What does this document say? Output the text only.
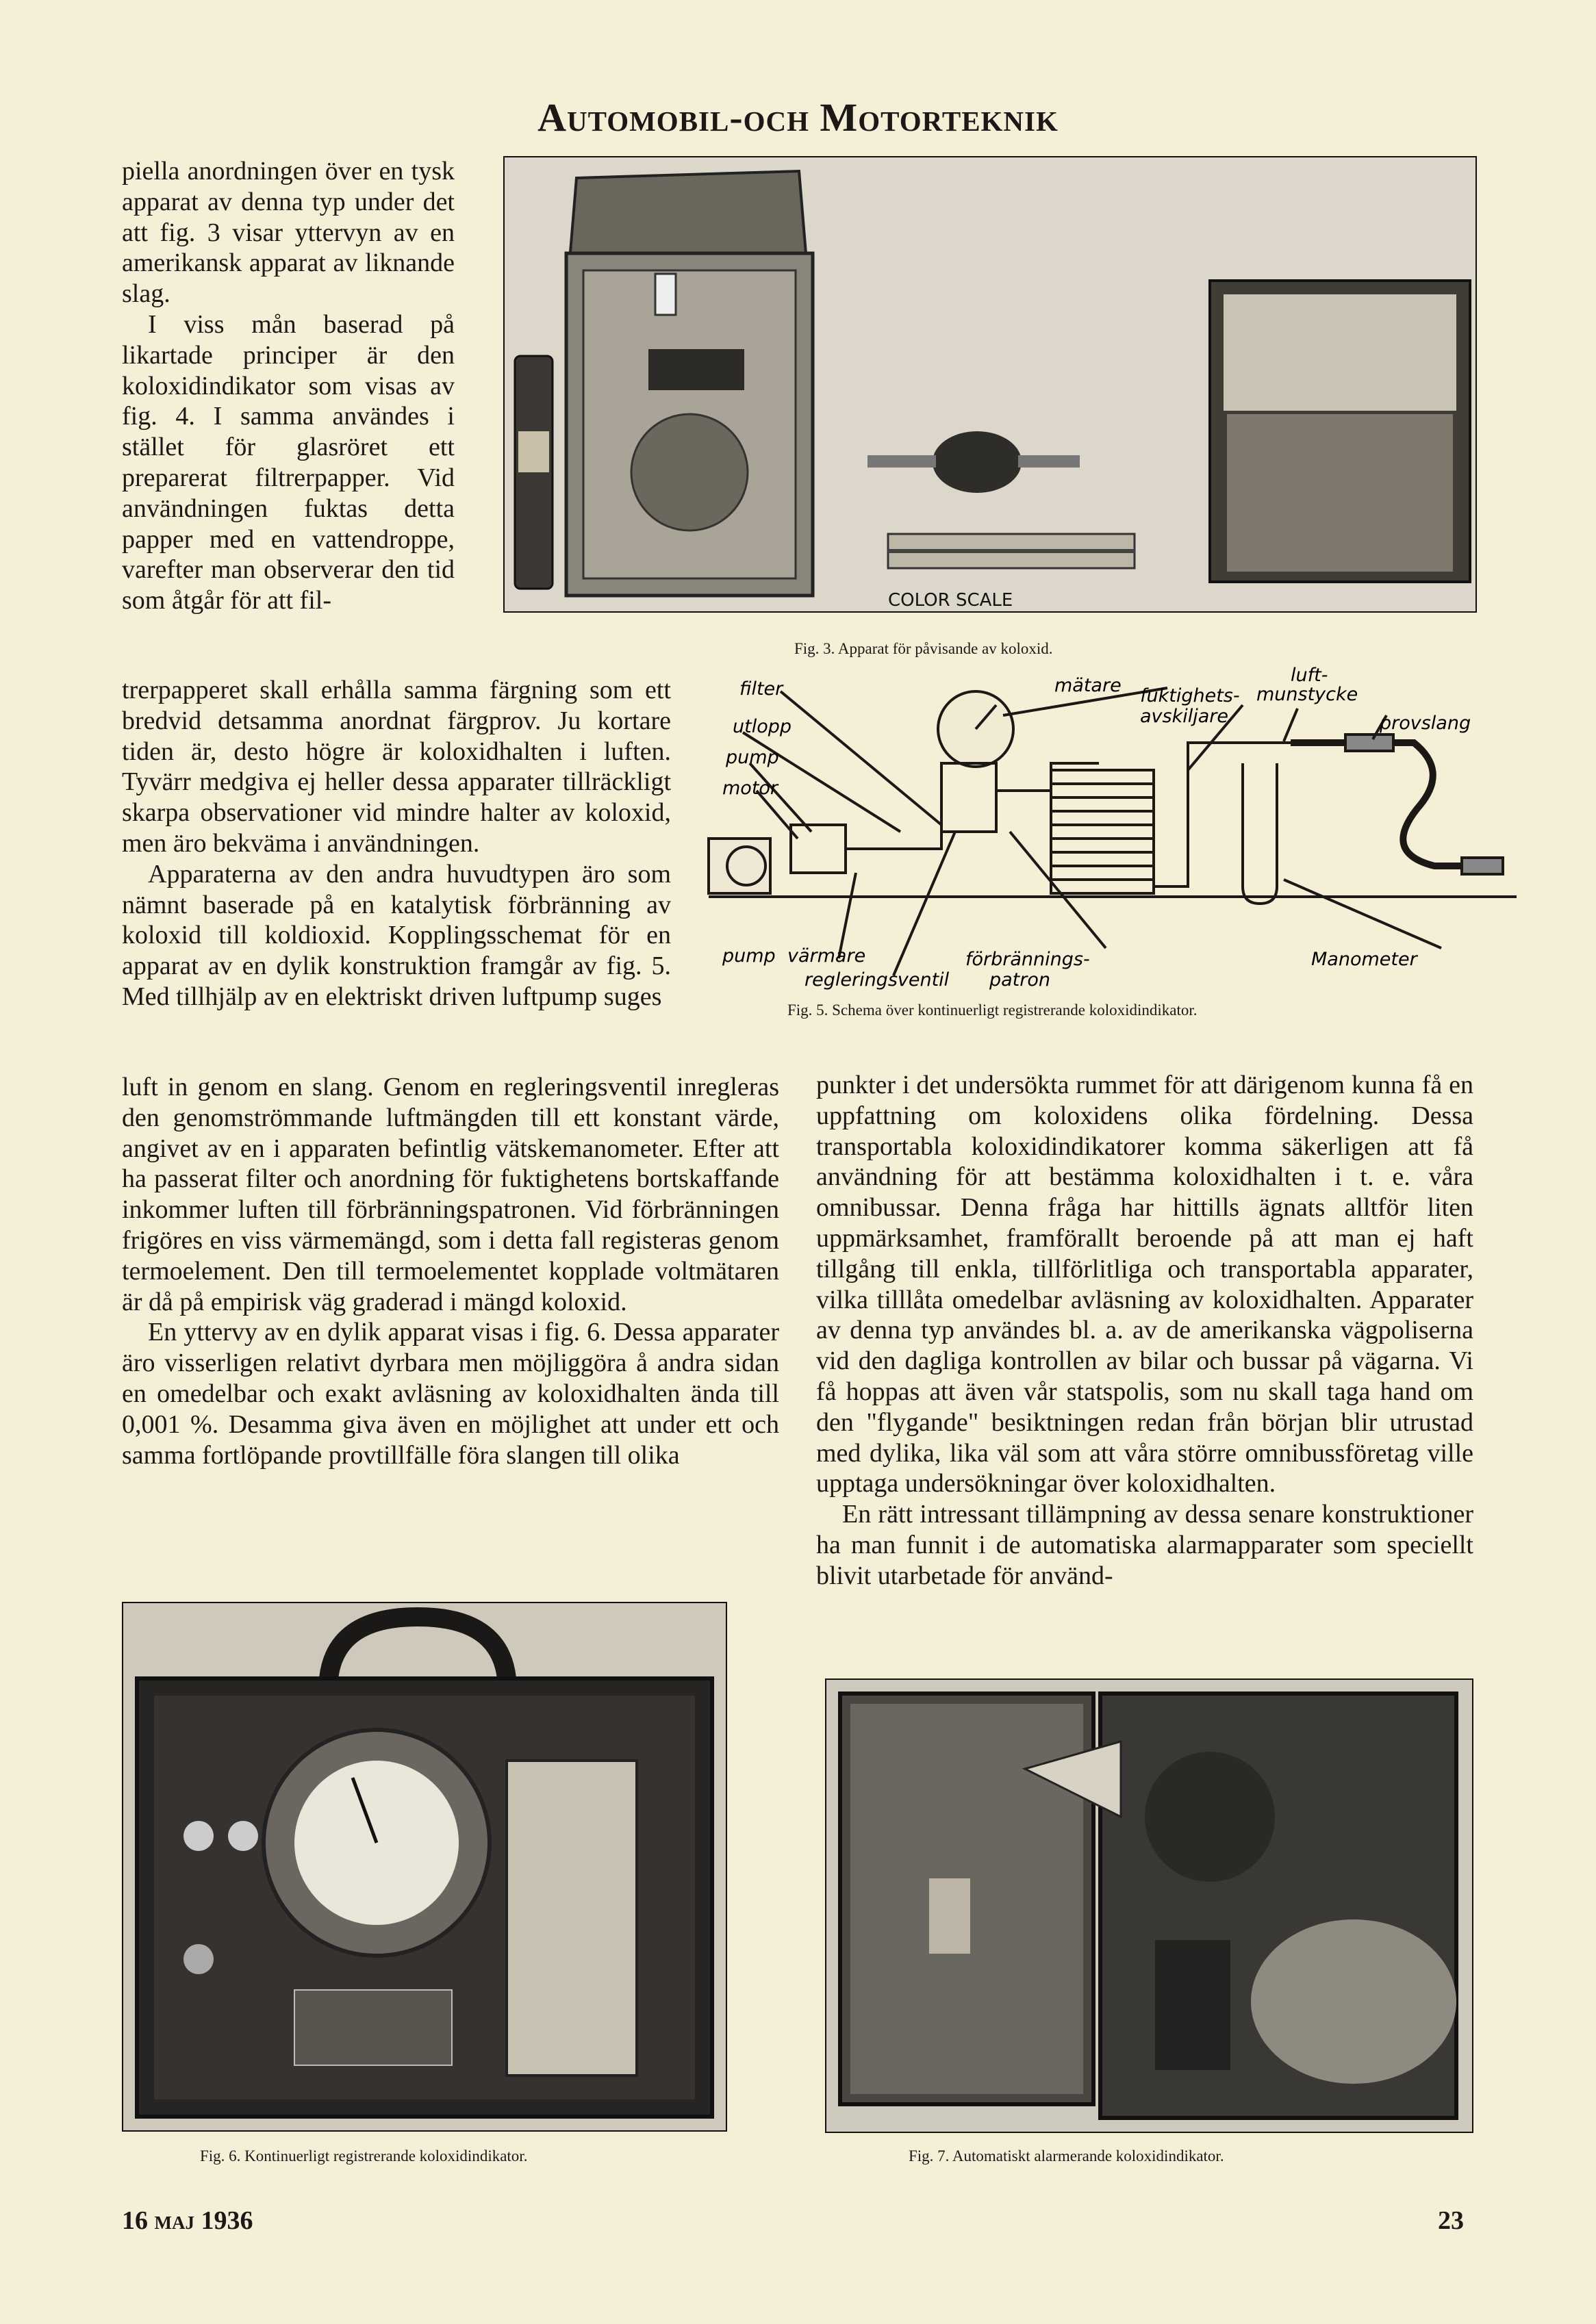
Automobil-och Motorteknik

piella anordningen över en tysk apparat av denna typ under det att fig. 3 visar yttervyn av en amerikansk apparat av liknande slag.

I viss mån baserad på likartade principer är den koloxidindikator som visas av fig. 4. I samma användes i stället för glasröret ett preparerat filtrerpapper. Vid användningen fuktas detta papper med en vattendroppe, varefter man observerar den tid som åtgår för att fil-

trerpapperet skall erhålla samma färgning som ett bredvid detsamma anordnat färgprov. Ju kortare tiden är, desto högre är koloxidhalten i luften. Tyvärr medgiva ej heller dessa apparater tillräckligt skarpa observationer vid mindre halter av koloxid, men äro bekväma i användningen.

Apparaterna av den andra huvudtypen äro som nämnt baserade på en katalytisk förbränning av koloxid till koldioxid. Kopplingsschemat för en apparat av en dylik konstruktion framgår av fig. 5. Med tillhjälp av en elektriskt driven luftpump suges

luft in genom en slang. Genom en regleringsventil inregleras den genomströmmande luftmängden till ett konstant värde, angivet av en i apparaten befintlig vätskemanometer. Efter att ha passerat filter och anordning för fuktighetens bortskaffande inkommer luften till förbränningspatronen. Vid förbränningen frigöres en viss värmemängd, som i detta fall registeras genom termoelement. Den till termoelementet kopplade voltmätaren är då på empirisk väg graderad i mängd koloxid.

En yttervy av en dylik apparat visas i fig. 6. Dessa apparater äro visserligen relativt dyrbara men möjliggöra å andra sidan en omedelbar och exakt avläsning av koloxidhalten ända till 0,001 %. Desamma giva även en möjlighet att under ett och samma fortlöpande provtillfälle föra slangen till olika

punkter i det undersökta rummet för att därigenom kunna få en uppfattning om koloxidens olika fördelning. Dessa transportabla koloxidindikatorer komma säkerligen att få användning för att bestämma koloxidhalten i t. e. våra omnibussar. Denna fråga har hittills ägnats alltför liten uppmärksamhet, framförallt beroende på att man ej haft tillgång till enkla, tillförlitliga och transportabla apparater, vilka tilllåta omedelbar avläsning av koloxidhalten. Apparater av denna typ användes bl. a. av de amerikanska vägpoliserna vid den dagliga kontrollen av bilar och bussar på vägarna. Vi få hoppas att även vår statspolis, som nu skall taga hand om den "flygande" besiktningen redan från början blir utrustad med dylika, lika väl som att våra större omnibussföretag ville upptaga undersökningar över koloxidhalten.

En rätt intressant tillämpning av dessa senare konstruktioner ha man funnit i de automatiska alarmapparater som speciellt blivit utarbetade för använd-

COLOR SCALE
Fig. 3. Apparat för påvisande av koloxid.
filter
utlopp
pump
motor
mätare fuktighets-
avskiljare
luft-
munstycke
provslang
pump värmare
regleringsventil
förbrännings-
patron
Manometer
Fig. 5. Schema över kontinuerligt registrerande koloxidindikator.
Fig. 6. Kontinuerligt registrerande koloxidindikator.	Fig. 7. Automatiskt alarmerande koloxidindikator.
16 maj 1936	23
